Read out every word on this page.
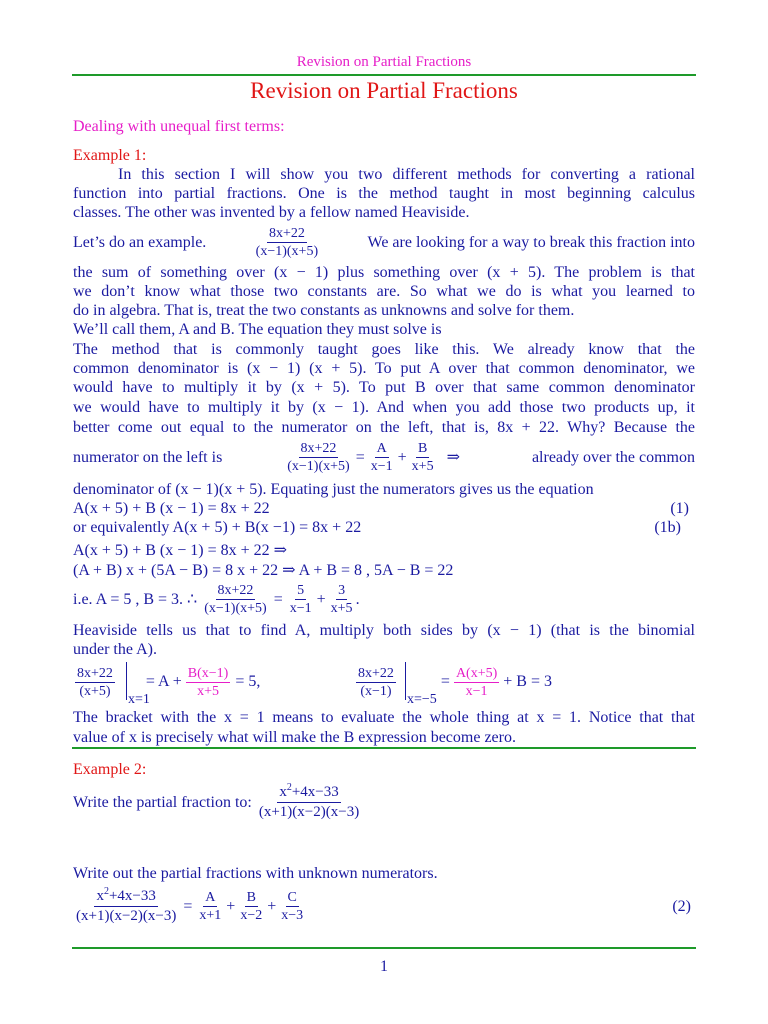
Revision on Partial Fractions
Revision on Partial Fractions
Dealing with unequal first terms:
Example 1:
In this section I will show you two different methods for converting a rational
function into partial fractions. One is the method taught in most beginning calculus
classes. The other was invented by a fellow named Heaviside.
Let’s do an example.	$\frac{8x+22}{(x-1)(x+5)}$	We are looking for a way to break this fraction into
the sum of something over (x − 1) plus something over (x + 5). The problem is that
we don’t know what those two constants are. So what we do is what you learned to
do in algebra. That is, treat the two constants as unknowns and solve for them.
We’ll call them, A and B. The equation they must solve is
The method that is commonly taught goes like this. We already know that the
common denominator is (x − 1) (x + 5). To put A over that common denominator, we
would have to multiply it by (x + 5). To put B over that same common denominator
we would have to multiply it by (x − 1). And when you add those two products up, it
better come out equal to the numerator on the left, that is, 8x + 22. Why? Because the
numerator on the left is	$\frac{8x+22}{(x-1)(x+5)} = \frac{A}{x-1} + \frac{B}{x+5}$ ⇒	already over the common
denominator of (x − 1)(x + 5). Equating just the numerators gives us the equation
A(x + 5) + B (x − 1) = 8x + 22	(1)
or equivalently A(x + 5) + B(x −1) = 8x + 22	(1b)
A(x + 5) + B (x − 1) = 8x + 22 ⇒
(A + B) x + (5A − B) = 8 x + 22 ⇒ A + B = 8 , 5A − B = 22
i.e. A = 5 , B = 3. ∴ $\frac{8x+22}{(x-1)(x+5)} = \frac{5}{x-1} + \frac{3}{x+5}$ .
Heaviside tells us that to find A, multiply both sides by (x − 1) (that is the binomial
under the A).
$\frac{8x+22}{(x+5)} = A + \frac{B(x-1)}{x+5} = 5$,
x=1
$\frac{8x+22}{(x-1)}$	= $\frac{A(x+5)}{x-1} + B = 3$
x=−5
The bracket with the x = 1 means to evaluate the whole thing at x = 1. Notice that that
value of x is precisely what will make the B expression become zero.
Example 2:
Write the partial fraction to: $\frac{x^2+4x-33}{(x+1)(x-2)(x-3)}$
Write out the partial fractions with unknown numerators.
$\frac{x^2+4x-33}{(x+1)(x-2)(x-3)} = \frac{A}{x+1} + \frac{B}{x-2} + \frac{C}{x-3}$	(2)
1
